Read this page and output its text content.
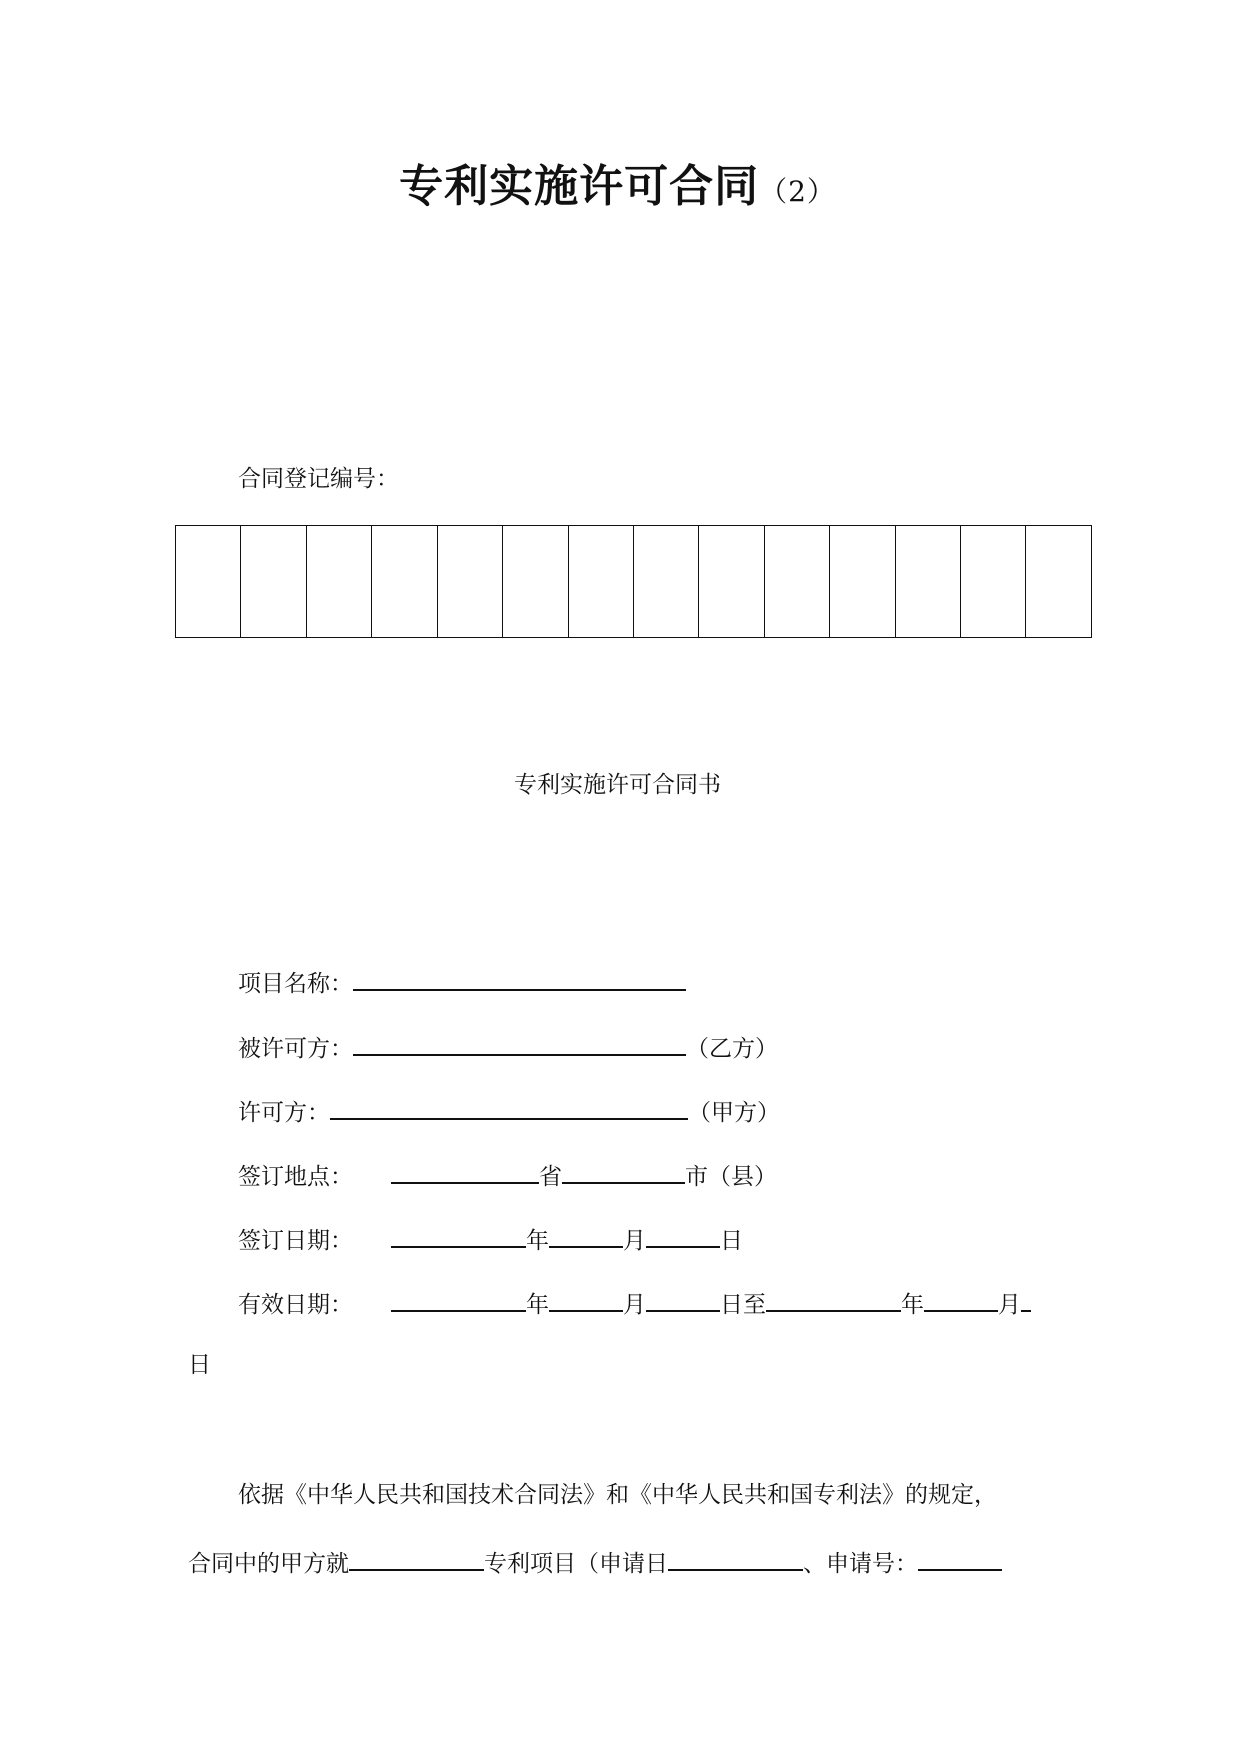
专利实施许可合同（2）
合同登记编号：

专利实施许可合同书
项目名称：
被许可方：	（乙方）
许可方：	（甲方）
签订地点：	省	市（县）
签订日期：	年	月	日
有效日期：	年	月	日至	年	月
日
依据《中华人民共和国技术合同法》和《中华人民共和国专利法》的规定，
合同中的甲方就	专利项目（申请日	、申请号：
